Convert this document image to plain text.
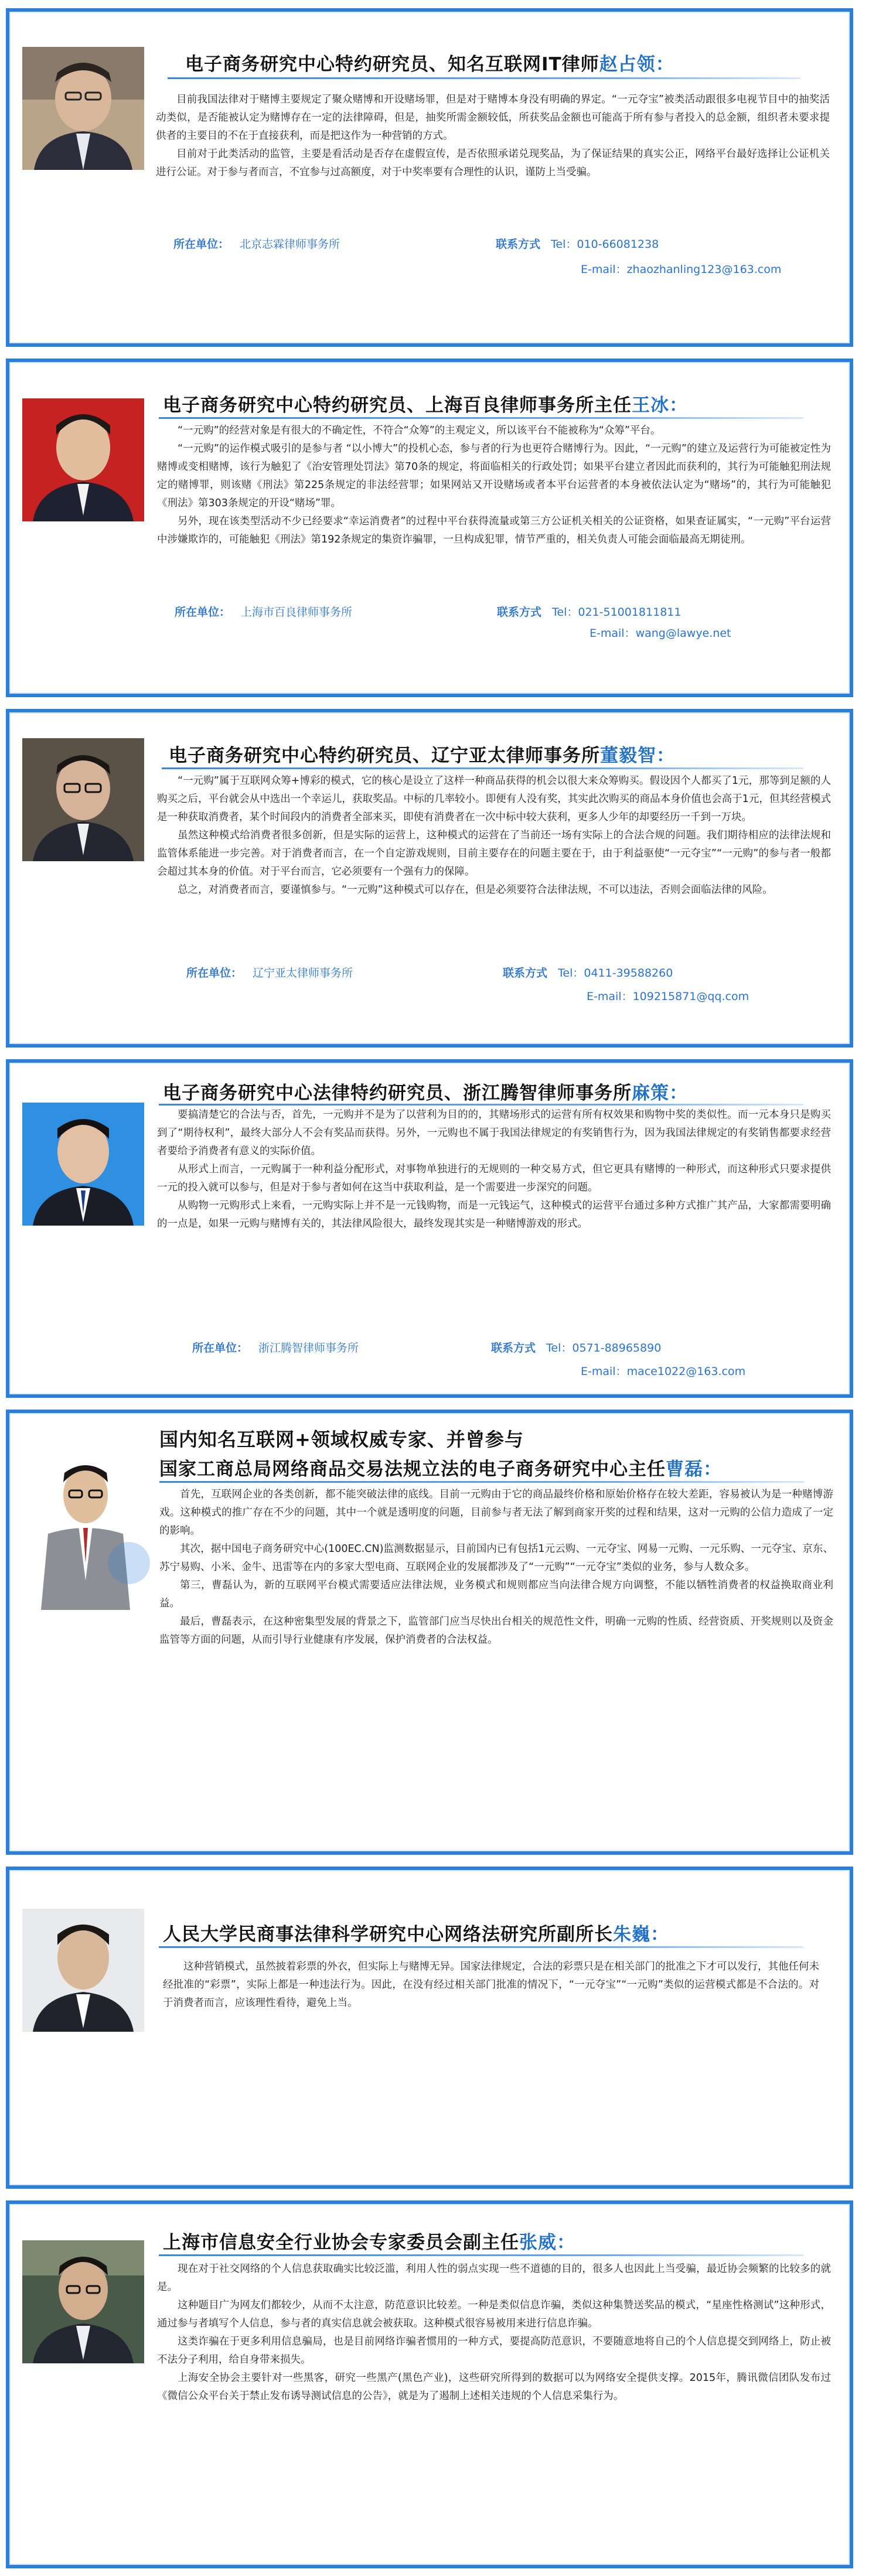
电子商务研究中心特约研究员、知名互联网IT律师赵占领：

目前我国法律对于赌博主要规定了聚众赌博和开设赌场罪，但是对于赌博本身没有明确的界定。“一元夺宝”被类活动跟很多电视节目中的抽奖活动类似，是否能被认定为赌博存在一定的法律障碍，但是，抽奖所需金额较低，所获奖品金额也可能高于所有参与者投入的总金额，组织者未要求提供者的主要目的不在于直接获利，而是把这作为一种营销的方式。

目前对于此类活动的监管，主要是看活动是否存在虚假宣传，是否依照承诺兑现奖品，为了保证结果的真实公正，网络平台最好选择让公证机关进行公证。对于参与者而言，不宜参与过高额度，对于中奖率要有合理性的认识，谨防上当受骗。

所在单位： 北京志霖律师事务所	联系方式 Tel：010-66081238
E-mail：zhaozhanling123@163.com
电子商务研究中心特约研究员、上海百良律师事务所主任王冰：

“一元购”的经营对象是有很大的不确定性，不符合“众筹”的主观定义，所以该平台不能被称为“众筹”平台。

“一元购”的运作模式吸引的是参与者 “以小博大”的投机心态，参与者的行为也更符合赌博行为。因此，“一元购”的建立及运营行为可能被定性为赌博或变相赌博，该行为触犯了《治安管理处罚法》第70条的规定，将面临相关的行政处罚；如果平台建立者因此而获利的，其行为可能触犯刑法规定的赌博罪，则该赌《刑法》第225条规定的非法经营罪；如果网站又开设赌场或者本平台运营者的本身被依法认定为“赌场”的，其行为可能触犯《刑法》第303条规定的开设“赌场”罪。

另外，现在该类型活动不少已经要求“幸运消费者”的过程中平台获得流量或第三方公证机关相关的公证资格，如果查证属实，“一元购”平台运营中涉嫌欺诈的，可能触犯《刑法》第192条规定的集资诈骗罪，一旦构成犯罪，情节严重的，相关负责人可能会面临最高无期徒刑。

所在单位： 上海市百良律师事务所	联系方式 Tel：021-51001811811
E-mail：wang@lawye.net
电子商务研究中心特约研究员、辽宁亚太律师事务所董毅智：

“一元购”属于互联网众筹+博彩的模式，它的核心是设立了这样一种商品获得的机会以很大来众筹购买。假设因个人都买了1元，那等到足额的人购买之后，平台就会从中选出一个幸运儿，获取奖品。中标的几率较小。即便有人没有奖，其实此次购买的商品本身价值也会高于1元，但其经营模式是一种获取消费者，某个时间段内的消费者全部来买，即使有消费者在一次中标中较大获利，更多人少年的却要经历一千到一万块。

虽然这种模式给消费者很多创新，但是实际的运营上，这种模式的运营在了当前还一场有实际上的合法合规的问题。我们期待相应的法律法规和监管体系能进一步完善。对于消费者而言，在一个自定游戏规则，目前主要存在的问题主要在于，由于利益驱使“一元夺宝”“一元购”的参与者一般都会超过其本身的价值。对于平台而言，它必须要有一个强有力的保障。

总之，对消费者而言，要谨慎参与。“一元购”这种模式可以存在，但是必须要符合法律法规，不可以违法，否则会面临法律的风险。

所在单位： 辽宁亚太律师事务所	联系方式 Tel：0411-39588260
E-mail：109215871@qq.com
电子商务研究中心法律特约研究员、浙江腾智律师事务所麻策：

要搞清楚它的合法与否，首先，一元购并不是为了以营利为目的的，其赌场形式的运营有所有权效果和购物中奖的类似性。而一元本身只是购买到了“期待权利”，最终大部分人不会有奖品而获得。另外，一元购也不属于我国法律规定的有奖销售行为，因为我国法律规定的有奖销售都要求经营者要给予消费者有意义的实际价值。

从形式上而言，一元购属于一种利益分配形式，对事物单独进行的无规则的一种交易方式，但它更具有赌博的一种形式，而这种形式只要求提供一元的投入就可以参与，但是对于参与者如何在这当中获取利益，是一个需要进一步深究的问题。

从购物一元购形式上来看，一元购实际上并不是一元钱购物，而是一元钱运气，这种模式的运营平台通过多种方式推广其产品，大家都需要明确的一点是，如果一元购与赌博有关的，其法律风险很大，最终发现其实是一种赌博游戏的形式。

所在单位： 浙江腾智律师事务所	联系方式 Tel：0571-88965890
E-mail：mace1022@163.com
国内知名互联网+领域权威专家、并曾参与
国家工商总局网络商品交易法规立法的电子商务研究中心主任曹磊：

首先，互联网企业的各类创新，都不能突破法律的底线。目前一元购由于它的商品最终价格和原始价格存在较大差距，容易被认为是一种赌博游戏。这种模式的推广存在不少的问题，其中一个就是透明度的问题，目前参与者无法了解到商家开奖的过程和结果，这对一元购的公信力造成了一定的影响。

其次，据中国电子商务研究中心(100EC.CN)监测数据显示，目前国内已有包括1元云购、一元夺宝、网易一元购、一元乐购、一元夺宝、京东、苏宁易购、小米、金牛、迅雷等在内的多家大型电商、互联网企业的发展都涉及了“一元购”“一元夺宝”类似的业务，参与人数众多。

第三，曹磊认为，新的互联网平台模式需要适应法律法规，业务模式和规则都应当向法律合规方向调整，不能以牺牲消费者的权益换取商业利益。

最后，曹磊表示，在这种密集型发展的背景之下，监管部门应当尽快出台相关的规范性文件，明确一元购的性质、经营资质、开奖规则以及资金监管等方面的问题，从而引导行业健康有序发展，保护消费者的合法权益。

人民大学民商事法律科学研究中心网络法研究所副所长朱巍：

这种营销模式，虽然披着彩票的外衣，但实际上与赌博无异。国家法律规定，合法的彩票只是在相关部门的批准之下才可以发行，其他任何未经批准的“彩票”，实际上都是一种违法行为。因此，在没有经过相关部门批准的情况下，“一元夺宝”“一元购”类似的运营模式都是不合法的。对于消费者而言，应该理性看待，避免上当。

上海市信息安全行业协会专家委员会副主任张威：

现在对于社交网络的个人信息获取确实比较泛滥，利用人性的弱点实现一些不道德的目的，很多人也因此上当受骗，最近协会频繁的比较多的就是。

这种题目广为网友们都较少，从而不太注意，防范意识比较差。一种是类似信息诈骗，类似这种集赞送奖品的模式，“星座性格测试”这种形式，通过参与者填写个人信息，参与者的真实信息就会被获取。这种模式很容易被用来进行信息诈骗。

这类诈骗在于更多利用信息骗局，也是目前网络诈骗者惯用的一种方式，要提高防范意识，不要随意地将自己的个人信息提交到网络上，防止被不法分子利用，给自身带来损失。

上海安全协会主要针对一些黑客，研究一些黑产(黑色产业)，这些研究所得到的数据可以为网络安全提供支撑。2015年，腾讯微信团队发布过《微信公众平台关于禁止发布诱导测试信息的公告》，就是为了遏制上述相关违规的个人信息采集行为。
